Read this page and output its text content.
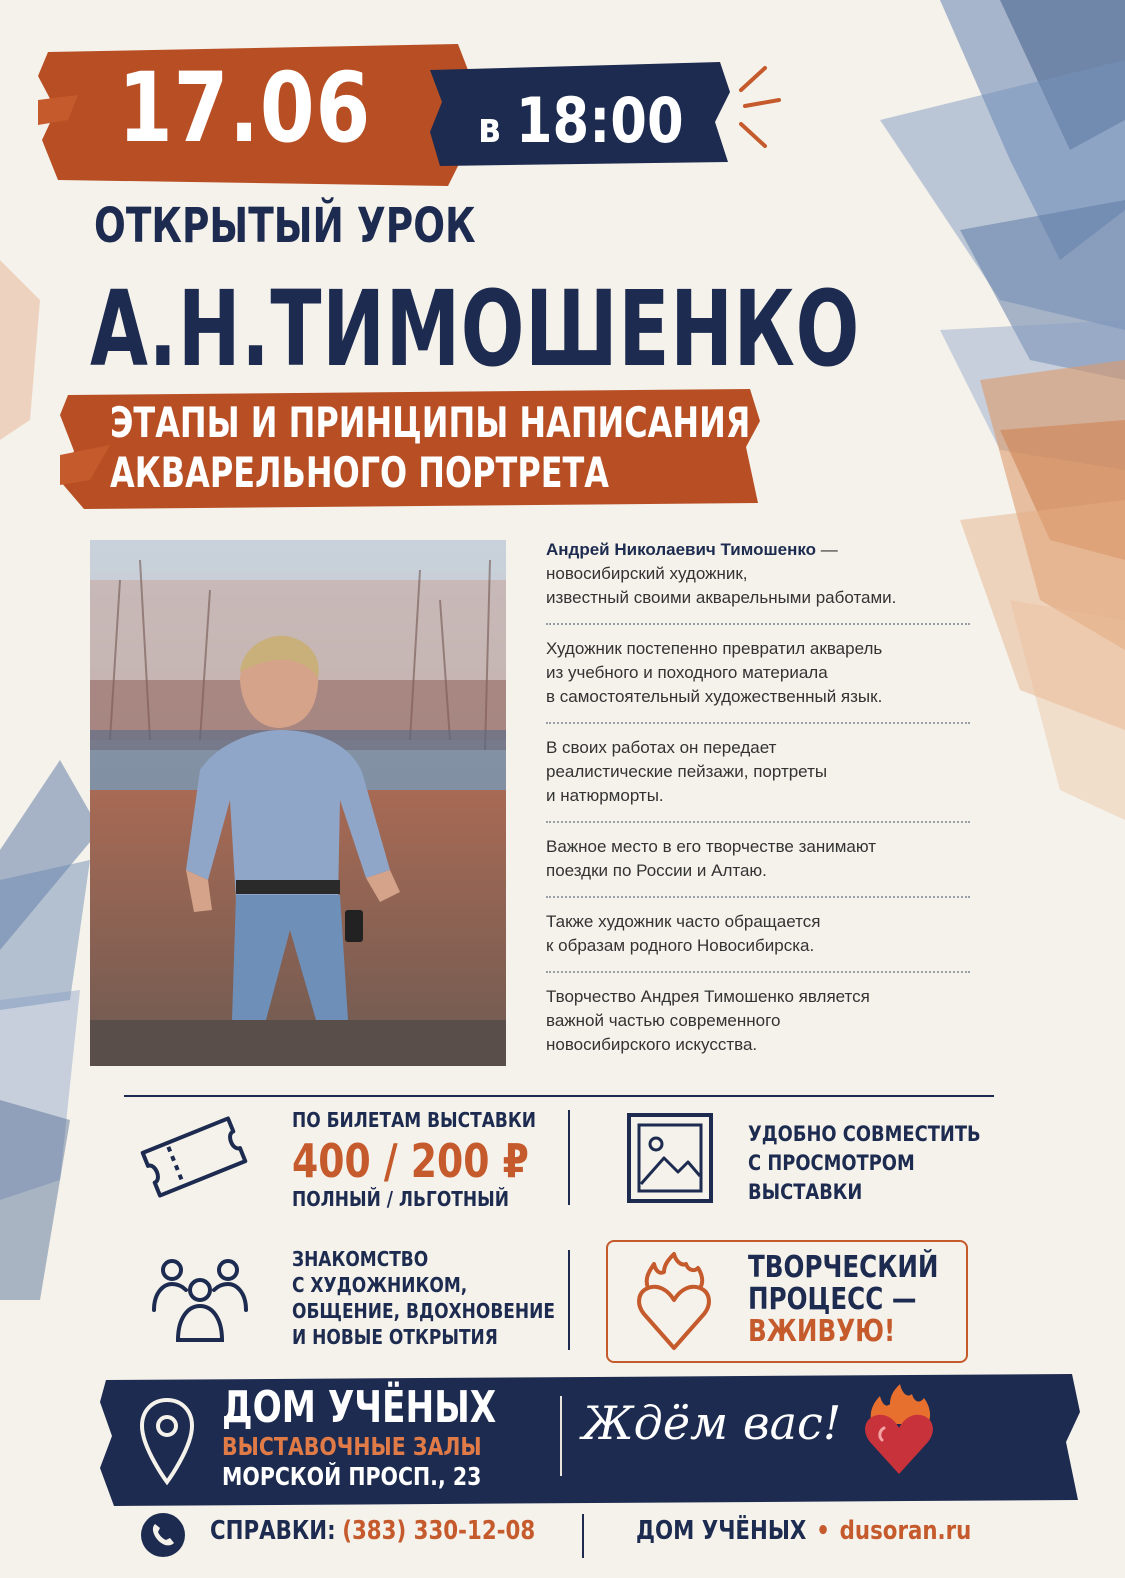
17.06	в 18:00
ОТКРЫТЫЙ УРОК
А.Н.ТИМОШЕНКО
ЭТАПЫ И ПРИНЦИПЫ НАПИСАНИЯ
АКВАРЕЛЬНОГО ПОРТРЕТА
Андрей Николаевич Тимошенко —
новосибирский художник,
известный своими акварельными работами.
Художник постепенно превратил акварель
из учебного и походного материала
в самостоятельный художественный язык.
В своих работах он передает
реалистические пейзажи, портреты
и натюрморты.
Важное место в его творчестве занимают
поездки по России и Алтаю.
Также художник часто обращается
к образам родного Новосибирска.
Творчество Андрея Тимошенко является
важной частью современного
новосибирского искусства.
ПО БИЛЕТАМ ВЫСТАВКИ
400 / 200 ₽
ПОЛНЫЙ / ЛЬГОТНЫЙ
УДОБНО СОВМЕСТИТЬ
С ПРОСМОТРОМ
ВЫСТАВКИ
ЗНАКОМСТВО
С ХУДОЖНИКОМ,
ОБЩЕНИЕ, ВДОХНОВЕНИЕ
И НОВЫЕ ОТКРЫТИЯ
ТВОРЧЕСКИЙ
ПРОЦЕСС —
ВЖИВУЮ!
ДОМ УЧЁНЫХ
ВЫСТАВОЧНЫЕ ЗАЛЫ
МОРСКОЙ ПРОСП., 23
Ждём вас!
СПРАВКИ: (383) 330-12-08	ДОМ УЧЁНЫХ • dusoran.ru
